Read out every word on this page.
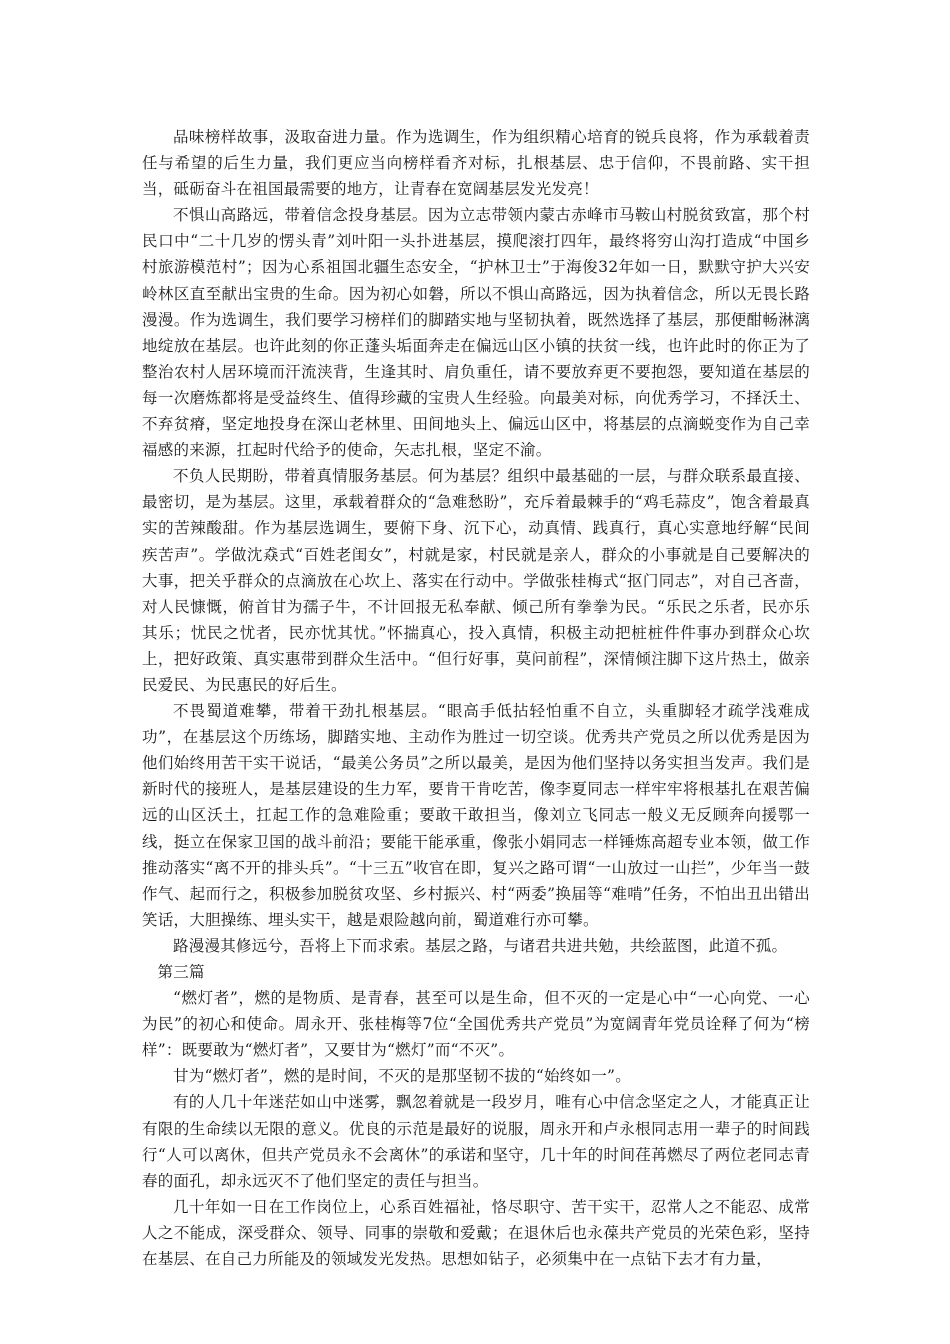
品味榜样故事，汲取奋进力量。作为选调生，作为组织精心培育的锐兵良将，作为承载着责任与希望的后生力量，我们更应当向榜样看齐对标，扎根基层、忠于信仰，不畏前路、实干担当，砥砺奋斗在祖国最需要的地方，让青春在宽阔基层发光发亮！

不惧山高路远，带着信念投身基层。因为立志带领内蒙古赤峰市马鞍山村脱贫致富，那个村民口中“二十几岁的愣头青”刘叶阳一头扑进基层，摸爬滚打四年，最终将穷山沟打造成“中国乡村旅游模范村”；因为心系祖国北疆生态安全，“护林卫士”于海俊32年如一日，默默守护大兴安岭林区直至献出宝贵的生命。因为初心如磐，所以不惧山高路远，因为执着信念，所以无畏长路漫漫。作为选调生，我们要学习榜样们的脚踏实地与坚韧执着，既然选择了基层，那便酣畅淋漓地绽放在基层。也许此刻的你正蓬头垢面奔走在偏远山区小镇的扶贫一线，也许此时的你正为了整治农村人居环境而汗流浃背，生逢其时、肩负重任，请不要放弃更不要抱怨，要知道在基层的每一次磨炼都将是受益终生、值得珍藏的宝贵人生经验。向最美对标，向优秀学习，不择沃土、不弃贫瘠，坚定地投身在深山老林里、田间地头上、偏远山区中，将基层的点滴蜕变作为自己幸福感的来源，扛起时代给予的使命，矢志扎根，坚定不渝。

不负人民期盼，带着真情服务基层。何为基层？组织中最基础的一层，与群众联系最直接、最密切，是为基层。这里，承载着群众的“急难愁盼”，充斥着最棘手的“鸡毛蒜皮”，饱含着最真实的苦辣酸甜。作为基层选调生，要俯下身、沉下心，动真情、践真行，真心实意地纾解“民间疾苦声”。学做沈猋式“百姓老闺女”，村就是家，村民就是亲人，群众的小事就是自己要解决的大事，把关乎群众的点滴放在心坎上、落实在行动中。学做张桂梅式“抠门同志”，对自己吝啬，对人民慷慨，俯首甘为孺子牛，不计回报无私奉献、倾己所有拳拳为民。“乐民之乐者，民亦乐其乐；忧民之忧者，民亦忧其忧。”怀揣真心，投入真情，积极主动把桩桩件件事办到群众心坎上，把好政策、真实惠带到群众生活中。“但行好事，莫问前程”，深情倾注脚下这片热土，做亲民爱民、为民惠民的好后生。

不畏蜀道难攀，带着干劲扎根基层。“眼高手低拈轻怕重不自立，头重脚轻才疏学浅难成功”，在基层这个历练场，脚踏实地、主动作为胜过一切空谈。优秀共产党员之所以优秀是因为他们始终用苦干实干说话，“最美公务员”之所以最美，是因为他们坚持以务实担当发声。我们是新时代的接班人，是基层建设的生力军，要肯干肯吃苦，像李夏同志一样牢牢将根基扎在艰苦偏远的山区沃土，扛起工作的急难险重；要敢干敢担当，像刘立飞同志一般义无反顾奔向援鄂一线，挺立在保家卫国的战斗前沿；要能干能承重，像张小娟同志一样锤炼高超专业本领，做工作推动落实“离不开的排头兵”。“十三五”收官在即，复兴之路可谓“一山放过一山拦”，少年当一鼓作气、起而行之，积极参加脱贫攻坚、乡村振兴、村“两委”换届等“难啃”任务，不怕出丑出错出笑话，大胆操练、埋头实干，越是艰险越向前，蜀道难行亦可攀。

路漫漫其修远兮，吾将上下而求索。基层之路，与诸君共进共勉，共绘蓝图，此道不孤。

第三篇

“燃灯者”，燃的是物质、是青春，甚至可以是生命，但不灭的一定是心中“一心向党、一心为民”的初心和使命。周永开、张桂梅等7位“全国优秀共产党员”为宽阔青年党员诠释了何为“榜样”：既要敢为“燃灯者”，又要甘为“燃灯”而“不灭”。

甘为“燃灯者”，燃的是时间，不灭的是那坚韧不拔的“始终如一”。

有的人几十年迷茫如山中迷雾，飘忽着就是一段岁月，唯有心中信念坚定之人，才能真正让有限的生命续以无限的意义。优良的示范是最好的说服，周永开和卢永根同志用一辈子的时间践行“人可以离休，但共产党员永不会离休”的承诺和坚守，几十年的时间荏苒燃尽了两位老同志青春的面孔，却永远灭不了他们坚定的责任与担当。

几十年如一日在工作岗位上，心系百姓福祉，恪尽职守、苦干实干，忍常人之不能忍、成常人之不能成，深受群众、领导、同事的崇敬和爱戴；在退休后也永葆共产党员的光荣色彩，坚持在基层、在自己力所能及的领域发光发热。思想如钻子，必须集中在一点钻下去才有力量，
